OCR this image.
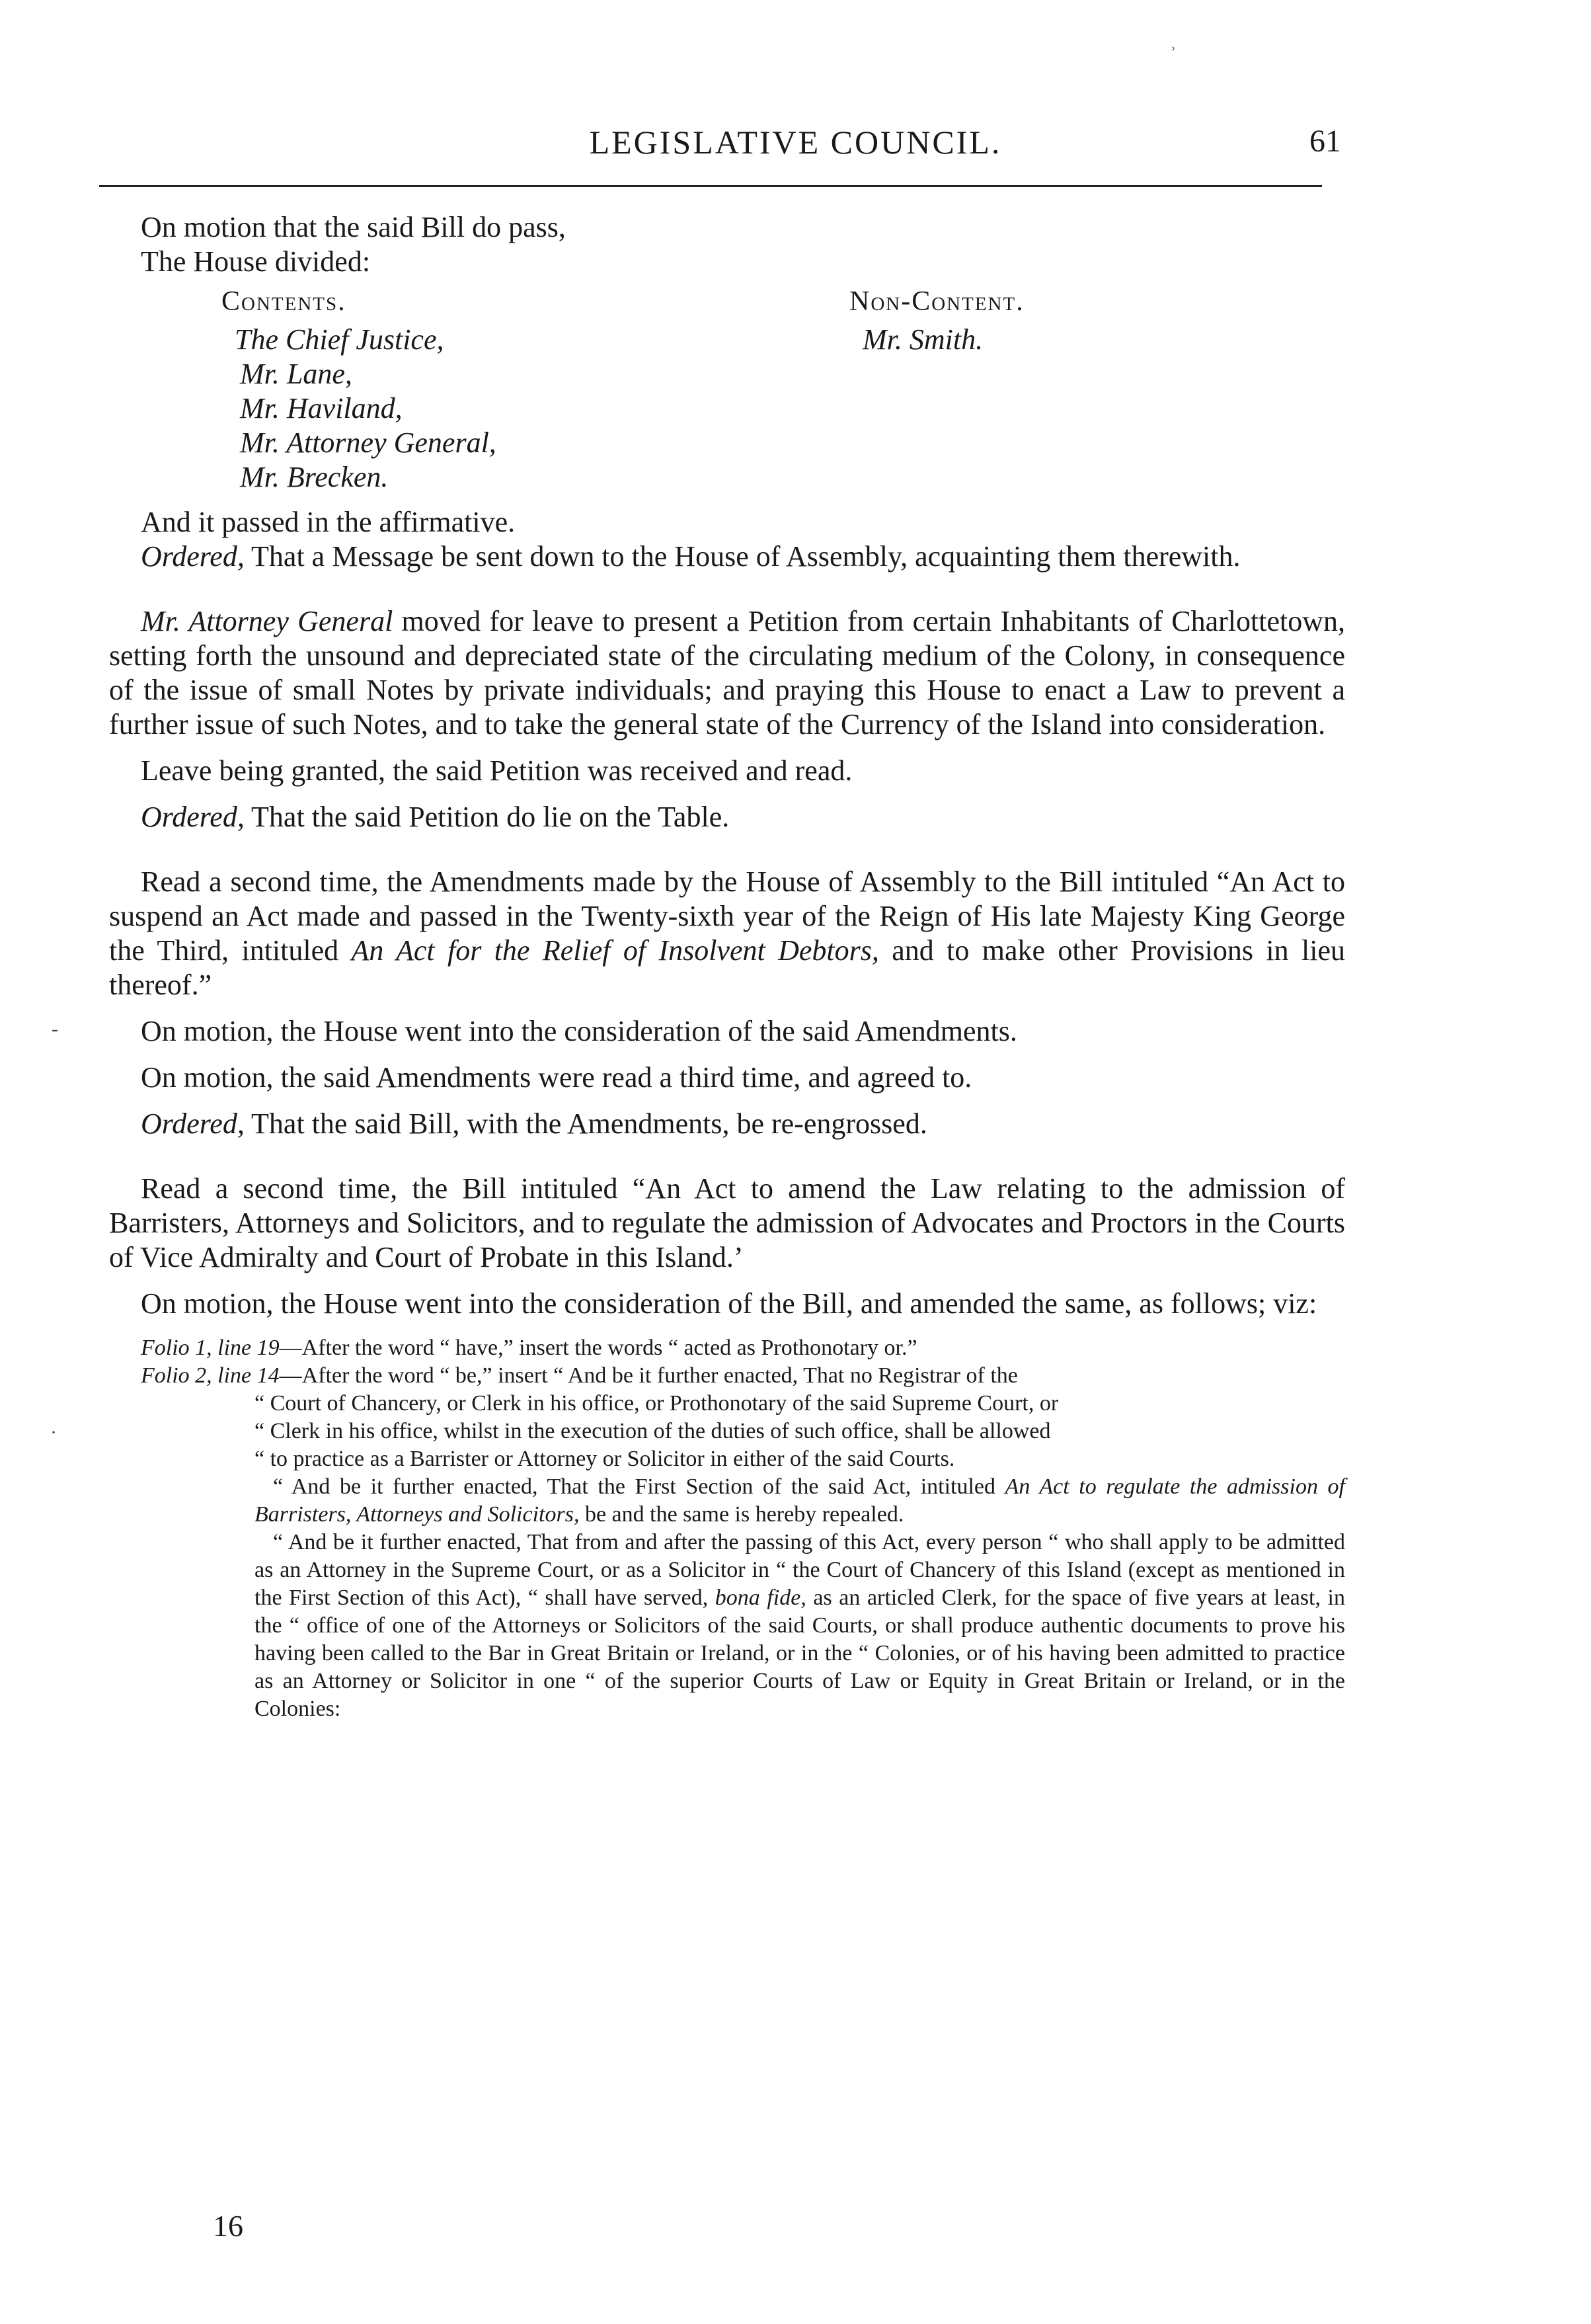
LEGISLATIVE COUNCIL.	61

On motion that the said Bill do pass,

The House divided:

Contents.
The Chief Justice,
Mr. Lane,
Mr. Haviland,
Mr. Attorney General,
Mr. Brecken.
Non-Content.
Mr. Smith.

And it passed in the affirmative.

Ordered, That a Message be sent down to the House of Assembly, acquainting them therewith.

Mr. Attorney General moved for leave to present a Petition from certain Inhabitants of Charlottetown, setting forth the unsound and depreciated state of the circulating medium of the Colony, in consequence of the issue of small Notes by private individuals; and praying this House to enact a Law to prevent a further issue of such Notes, and to take the general state of the Currency of the Island into consideration.

Leave being granted, the said Petition was received and read.

Ordered, That the said Petition do lie on the Table.

Read a second time, the Amendments made by the House of Assembly to the Bill intituled “An Act to suspend an Act made and passed in the Twenty-sixth year of the Reign of His late Majesty King George the Third, intituled An Act for the Relief of Insolvent Debtors, and to make other Provisions in lieu thereof.”

On motion, the House went into the consideration of the said Amendments.

On motion, the said Amendments were read a third time, and agreed to.

Ordered, That the said Bill, with the Amendments, be re-engrossed.

Read a second time, the Bill intituled “An Act to amend the Law relating to the admission of Barristers, Attorneys and Solicitors, and to regulate the admission of Advocates and Proctors in the Courts of Vice Admiralty and Court of Probate in this Island.’

On motion, the House went into the consideration of the Bill, and amended the same, as follows; viz:

Folio 1, line 19—After the word “ have,” insert the words “ acted as Prothonotary or.”

Folio 2, line 14—After the word “ be,” insert “ And be it further enacted, That no Registrar of the

“ Court of Chancery, or Clerk in his office, or Prothonotary of the said Supreme Court, or

“ Clerk in his office, whilst in the execution of the duties of such office, shall be allowed

“ to practice as a Barrister or Attorney or Solicitor in either of the said Courts.

“ And be it further enacted, That the First Section of the said Act, intituled An Act to regulate the admission of Barristers, Attorneys and Solicitors, be and the same is hereby repealed.

“ And be it further enacted, That from and after the passing of this Act, every person “ who shall apply to be admitted as an Attorney in the Supreme Court, or as a Solicitor in “ the Court of Chancery of this Island (except as mentioned in the First Section of this Act), “ shall have served, bona fide, as an articled Clerk, for the space of five years at least, in the “ office of one of the Attorneys or Solicitors of the said Courts, or shall produce authentic documents to prove his having been called to the Bar in Great Britain or Ireland, or in the “ Colonies, or of his having been admitted to practice as an Attorney or Solicitor in one “ of the superior Courts of Law or Equity in Great Britain or Ireland, or in the Colonies:

16
˒
-
·
